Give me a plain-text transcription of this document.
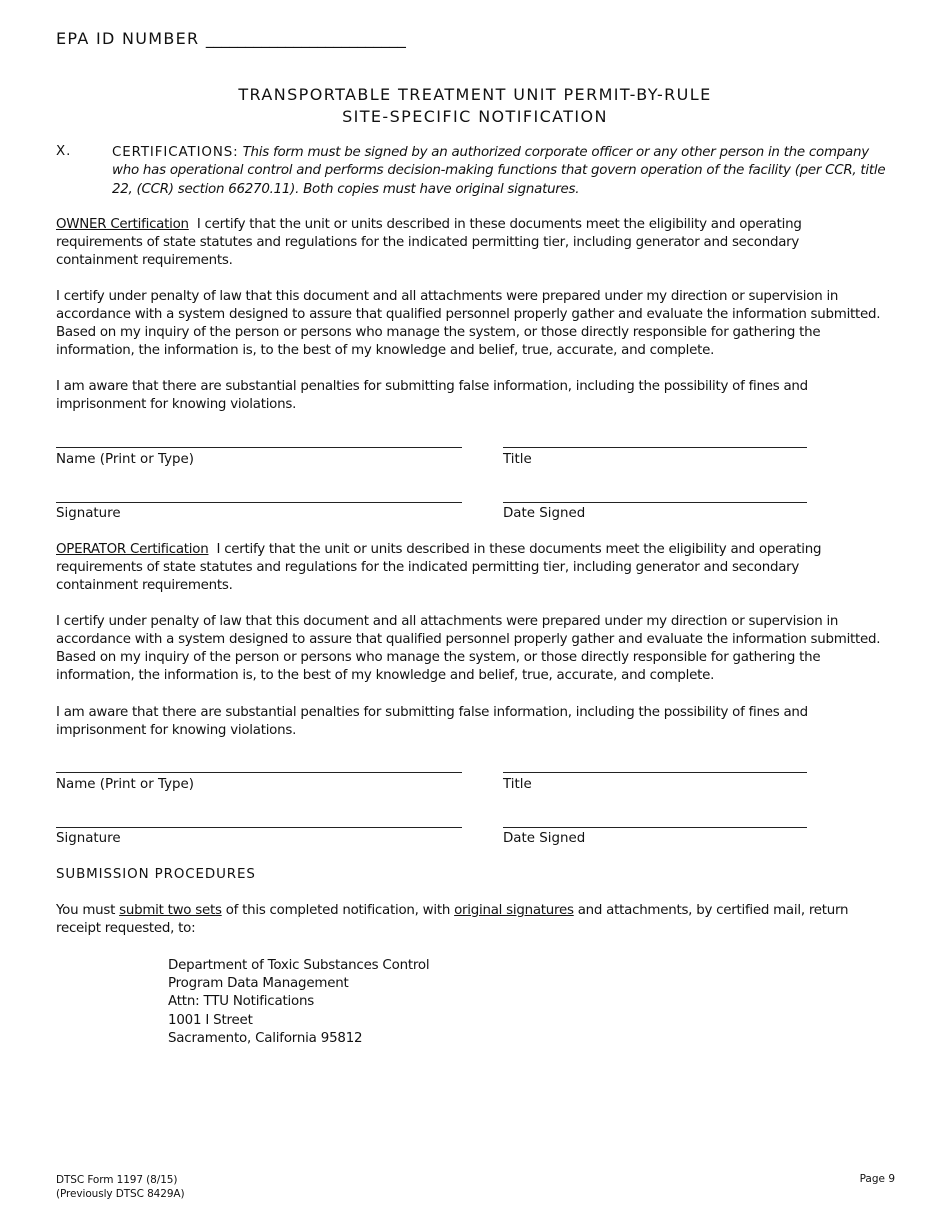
EPA ID NUMBER _________________________
TRANSPORTABLE TREATMENT UNIT PERMIT-BY-RULE
SITE-SPECIFIC NOTIFICATION
X.	CERTIFICATIONS: This form must be signed by an authorized corporate officer or any other person in the company
who has operational control and performs decision-making functions that govern operation of the facility (per CCR, title
22, (CCR) section 66270.11). Both copies must have original signatures.
OWNER Certification I certify that the unit or units described in these documents meet the eligibility and operating
requirements of state statutes and regulations for the indicated permitting tier, including generator and secondary
containment requirements.
I certify under penalty of law that this document and all attachments were prepared under my direction or supervision in
accordance with a system designed to assure that qualified personnel properly gather and evaluate the information submitted.
Based on my inquiry of the person or persons who manage the system, or those directly responsible for gathering the
information, the information is, to the best of my knowledge and belief, true, accurate, and complete.
I am aware that there are substantial penalties for submitting false information, including the possibility of fines and
imprisonment for knowing violations.
Name (Print or Type)	Title
Signature	Date Signed
OPERATOR Certification I certify that the unit or units described in these documents meet the eligibility and operating
requirements of state statutes and regulations for the indicated permitting tier, including generator and secondary
containment requirements.
I certify under penalty of law that this document and all attachments were prepared under my direction or supervision in
accordance with a system designed to assure that qualified personnel properly gather and evaluate the information submitted.
Based on my inquiry of the person or persons who manage the system, or those directly responsible for gathering the
information, the information is, to the best of my knowledge and belief, true, accurate, and complete.
I am aware that there are substantial penalties for submitting false information, including the possibility of fines and
imprisonment for knowing violations.
Name (Print or Type)	Title
Signature	Date Signed
SUBMISSION PROCEDURES
You must submit two sets of this completed notification, with original signatures and attachments, by certified mail, return
receipt requested, to:
Department of Toxic Substances Control
Program Data Management
Attn: TTU Notifications
1001 I Street
Sacramento, California 95812
DTSC Form 1197 (8/15)
(Previously DTSC 8429A)
Page 9
